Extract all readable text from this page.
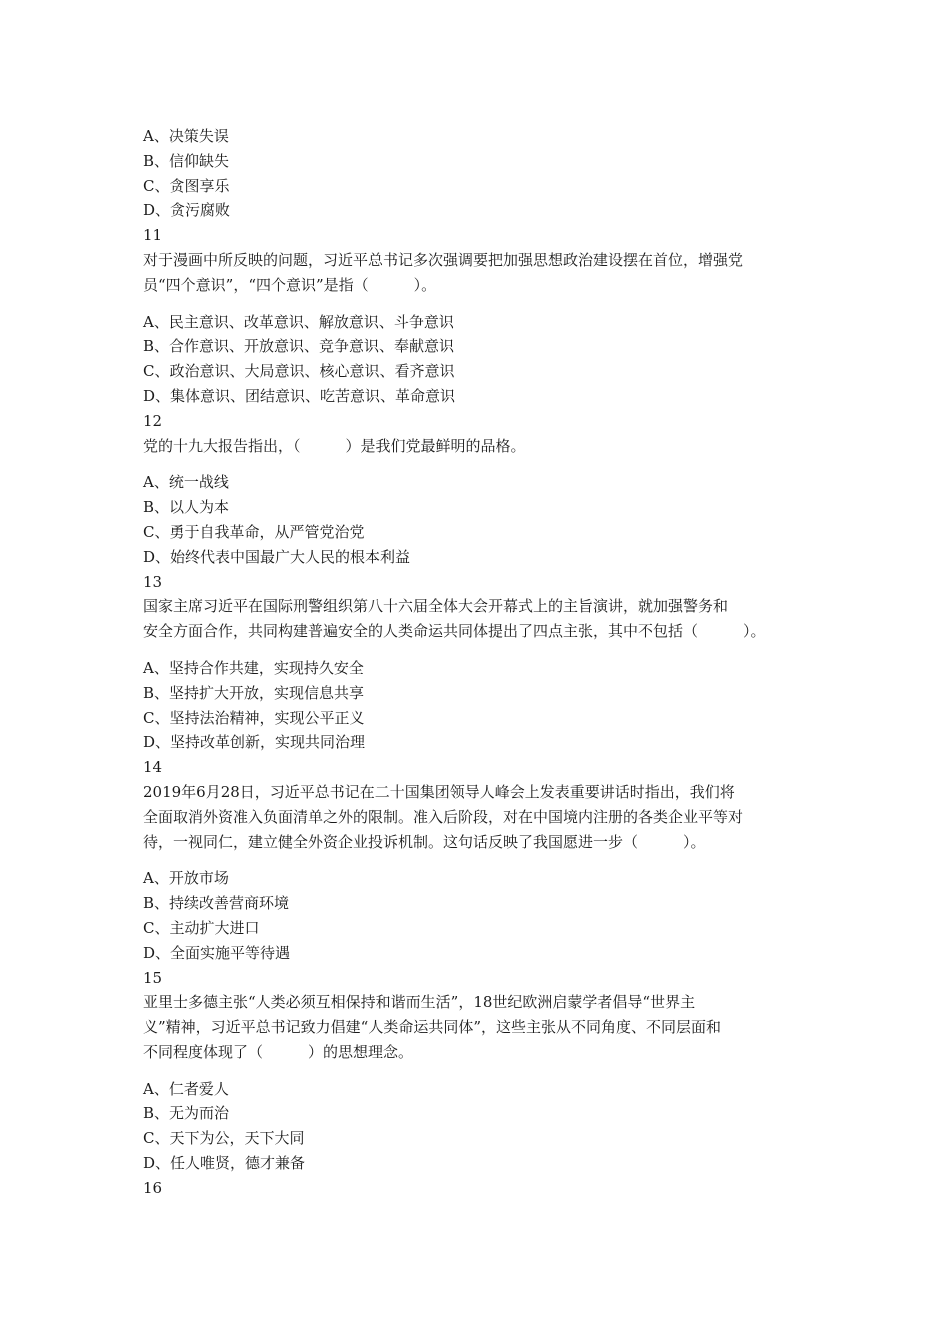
A、决策失误
B、信仰缺失
C、贪图享乐
D、贪污腐败
11
对于漫画中所反映的问题，习近平总书记多次强调要把加强思想政治建设摆在首位，增强党
员“四个意识”，“四个意识”是指（　　　）。
A、民主意识、改革意识、解放意识、斗争意识
B、合作意识、开放意识、竞争意识、奉献意识
C、政治意识、大局意识、核心意识、看齐意识
D、集体意识、团结意识、吃苦意识、革命意识
12
党的十九大报告指出，（　　　）是我们党最鲜明的品格。
A、统一战线
B、以人为本
C、勇于自我革命，从严管党治党
D、始终代表中国最广大人民的根本利益
13
国家主席习近平在国际刑警组织第八十六届全体大会开幕式上的主旨演讲，就加强警务和
安全方面合作，共同构建普遍安全的人类命运共同体提出了四点主张，其中不包括（　　　）。
A、坚持合作共建，实现持久安全
B、坚持扩大开放，实现信息共享
C、坚持法治精神，实现公平正义
D、坚持改革创新，实现共同治理
14
2019年6月28日，习近平总书记在二十国集团领导人峰会上发表重要讲话时指出，我们将
全面取消外资准入负面清单之外的限制。准入后阶段，对在中国境内注册的各类企业平等对
待，一视同仁，建立健全外资企业投诉机制。这句话反映了我国愿进一步（　　　）。
A、开放市场
B、持续改善营商环境
C、主动扩大进口
D、全面实施平等待遇
15
亚里士多德主张“人类必须互相保持和谐而生活”，18世纪欧洲启蒙学者倡导“世界主
义”精神，习近平总书记致力倡建“人类命运共同体”，这些主张从不同角度、不同层面和
不同程度体现了（　　　）的思想理念。
A、仁者爱人
B、无为而治
C、天下为公，天下大同
D、任人唯贤，德才兼备
16
